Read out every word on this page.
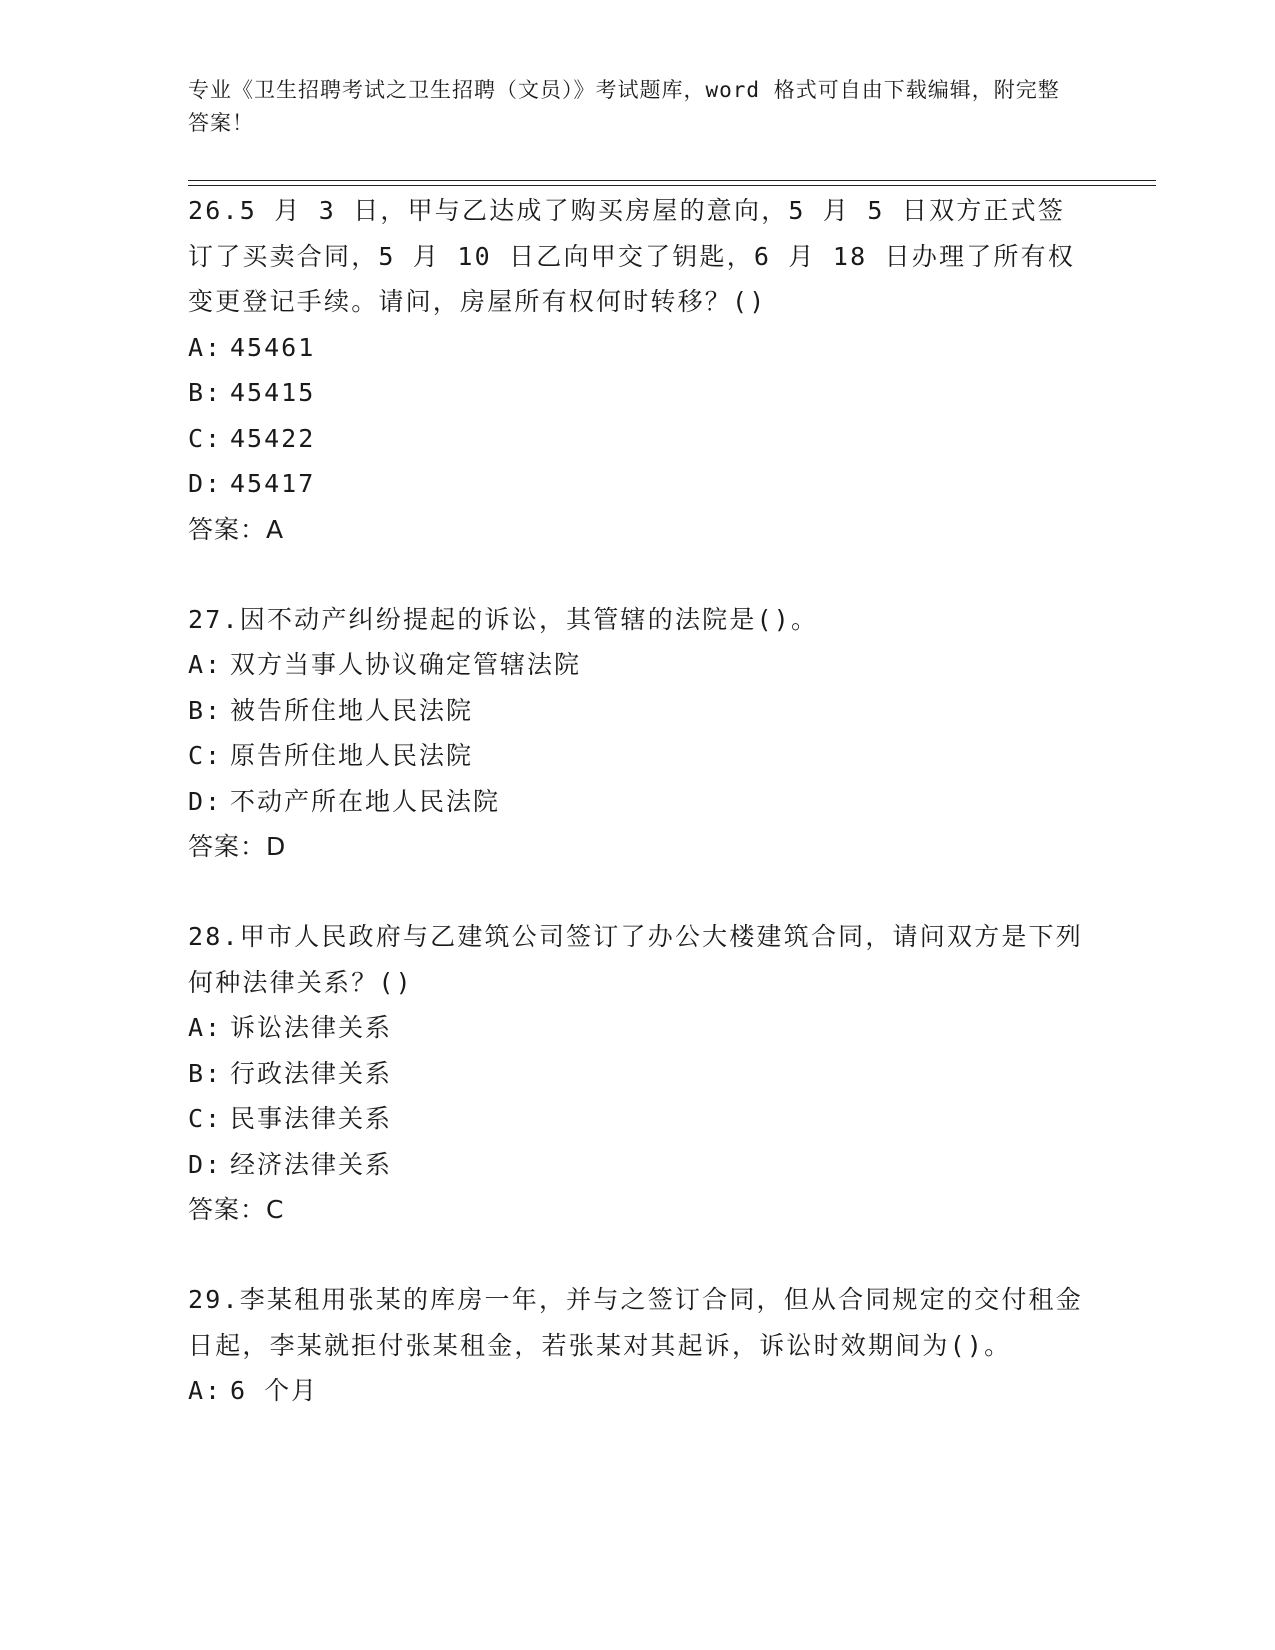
专业《卫生招聘考试之卫生招聘（文员）》考试题库，word 格式可自由下载编辑，附完整答案！
26.5 月 3 日，甲与乙达成了购买房屋的意向，5 月 5 日双方正式签订了买卖合同，5 月 10 日乙向甲交了钥匙，6 月 18 日办理了所有权变更登记手续。请问，房屋所有权何时转移？()
A: 45461
B: 45415
C: 45422
D: 45417
答案：A
27.因不动产纠纷提起的诉讼，其管辖的法院是()。
A: 双方当事人协议确定管辖法院
B: 被告所住地人民法院
C: 原告所住地人民法院
D: 不动产所在地人民法院
答案：D
28.甲市人民政府与乙建筑公司签订了办公大楼建筑合同，请问双方是下列何种法律关系？()
A: 诉讼法律关系
B: 行政法律关系
C: 民事法律关系
D: 经济法律关系
答案：C
29.李某租用张某的库房一年，并与之签订合同，但从合同规定的交付租金日起，李某就拒付张某租金，若张某对其起诉，诉讼时效期间为()。
A: 6 个月
